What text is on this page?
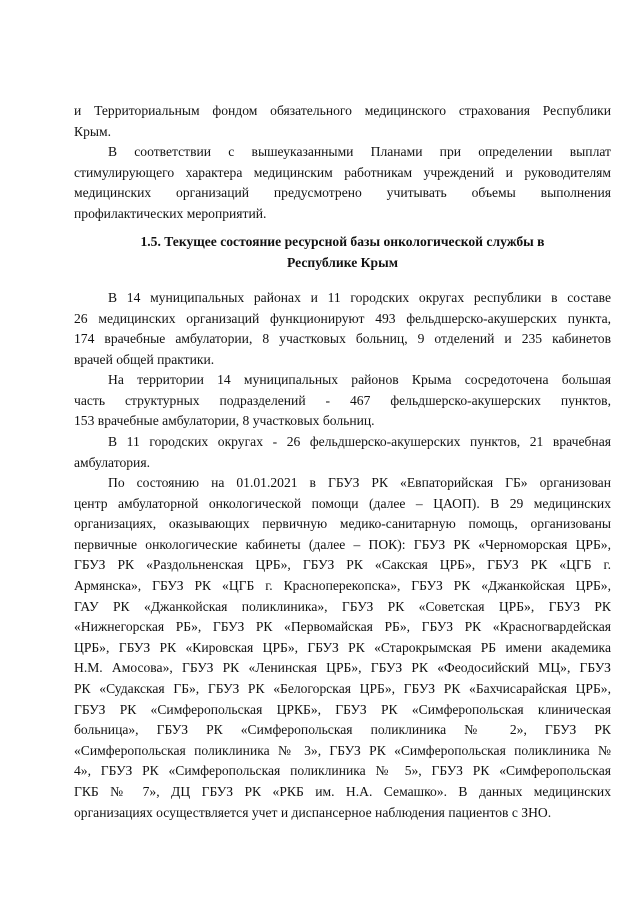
и Территориальным фондом обязательного медицинского страхования Республики
Крым.
В соответствии с вышеуказанными Планами при определении выплат
стимулирующего характера медицинским работникам учреждений и руководителям
медицинских организаций предусмотрено учитывать объемы выполнения
профилактических мероприятий.
1.5. Текущее состояние ресурсной базы онкологической службы в
Республике Крым
В 14 муниципальных районах и 11 городских округах республики в составе
26 медицинских организаций функционируют 493 фельдшерско-акушерских пункта,
174 врачебные амбулатории, 8 участковых больниц, 9 отделений и 235 кабинетов
врачей общей практики.
На территории 14 муниципальных районов Крыма сосредоточена большая
часть структурных подразделений - 467 фельдшерско-акушерских пунктов,
153 врачебные амбулатории, 8 участковых больниц.
В 11 городских округах - 26 фельдшерско-акушерских пунктов, 21 врачебная
амбулатория.
По состоянию на 01.01.2021 в ГБУЗ РК «Евпаторийская ГБ» организован
центр амбулаторной онкологической помощи (далее – ЦАОП). В 29 медицинских
организациях, оказывающих первичную медико-санитарную помощь, организованы
первичные онкологические кабинеты (далее – ПОК): ГБУЗ РК «Черноморская ЦРБ»,
ГБУЗ РК «Раздольненская ЦРБ», ГБУЗ РК «Сакская ЦРБ», ГБУЗ РК «ЦГБ г.
Армянска», ГБУЗ РК «ЦГБ г. Красноперекопска», ГБУЗ РК «Джанкойская ЦРБ»,
ГАУ РК «Джанкойская поликлиника», ГБУЗ РК «Советская ЦРБ», ГБУЗ РК
«Нижнегорская РБ», ГБУЗ РК «Первомайская РБ», ГБУЗ РК «Красногвардейская
ЦРБ», ГБУЗ РК «Кировская ЦРБ», ГБУЗ РК «Старокрымская РБ имени академика
Н.М. Амосова», ГБУЗ РК «Ленинская ЦРБ», ГБУЗ РК «Феодосийский МЦ», ГБУЗ
РК «Судакская ГБ», ГБУЗ РК «Белогорская ЦРБ», ГБУЗ РК «Бахчисарайская ЦРБ»,
ГБУЗ РК «Симферопольская ЦРКБ», ГБУЗ РК «Симферопольская клиническая
больница», ГБУЗ РК «Симферопольская поликлиника № 2», ГБУЗ РК
«Симферопольская поликлиника № 3», ГБУЗ РК «Симферопольская поликлиника №
4», ГБУЗ РК «Симферопольская поликлиника № 5», ГБУЗ РК «Симферопольская
ГКБ № 7», ДЦ ГБУЗ РК «РКБ им. Н.А. Семашко». В данных медицинских
организациях осуществляется учет и диспансерное наблюдения пациентов с ЗНО.
